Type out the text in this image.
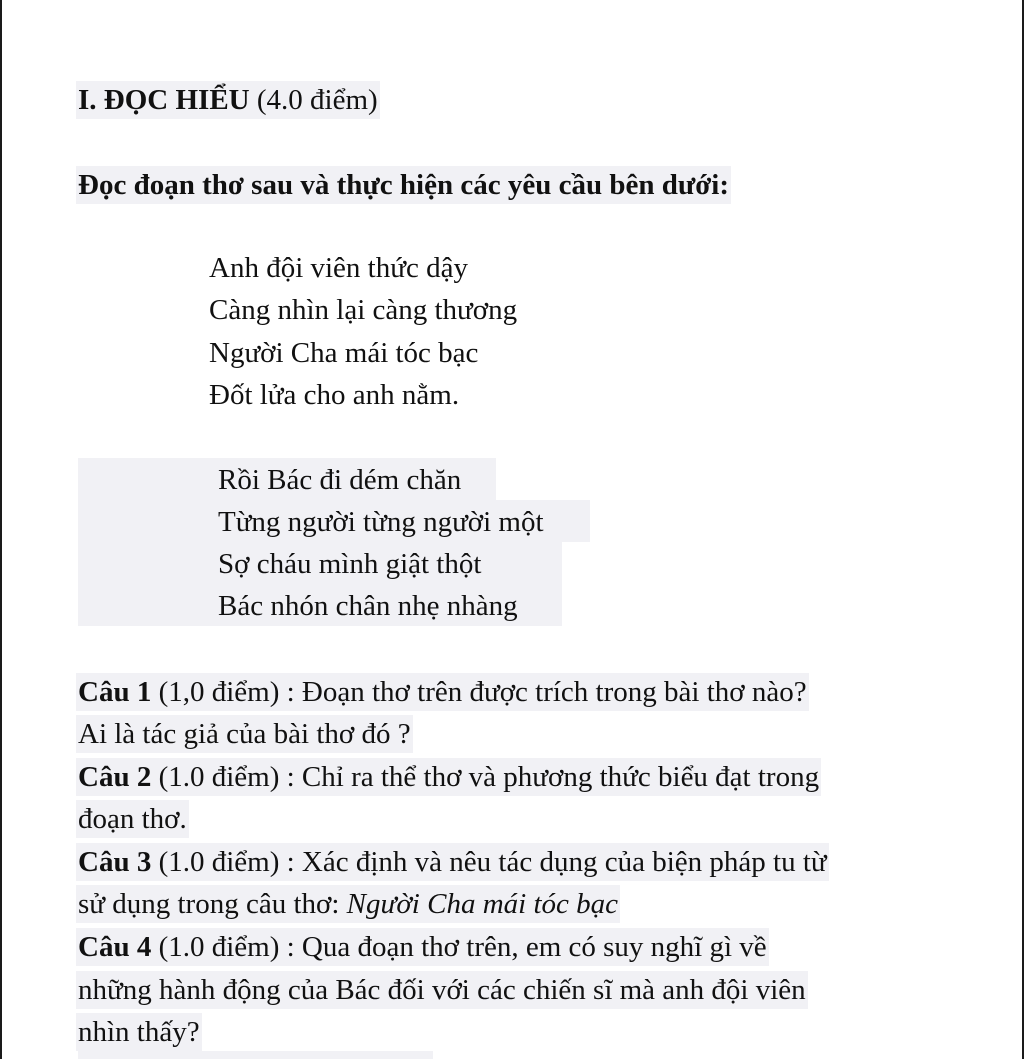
I. ĐỌC HIỂU (4.0 điểm)
Đọc đoạn thơ sau và thực hiện các yêu cầu bên dưới:
Anh đội viên thức dậy
Càng nhìn lại càng thương
Người Cha mái tóc bạc
Đốt lửa cho anh nằm.
Rồi Bác đi dém chăn
Từng người từng người một
Sợ cháu mình giật thột
Bác nhón chân nhẹ nhàng
Câu 1 (1,0 điểm) : Đoạn thơ trên được trích trong bài thơ nào?
Ai là tác giả của bài thơ đó ?
Câu 2 (1.0 điểm) : Chỉ ra thể thơ và phương thức biểu đạt trong
đoạn thơ.
Câu 3 (1.0 điểm) : Xác định và nêu tác dụng của biện pháp tu từ
sử dụng trong câu thơ: Người Cha mái tóc bạc
Câu 4 (1.0 điểm) : Qua đoạn thơ trên, em có suy nghĩ gì về
những hành động của Bác đối với các chiến sĩ mà anh đội viên
nhìn thấy?
